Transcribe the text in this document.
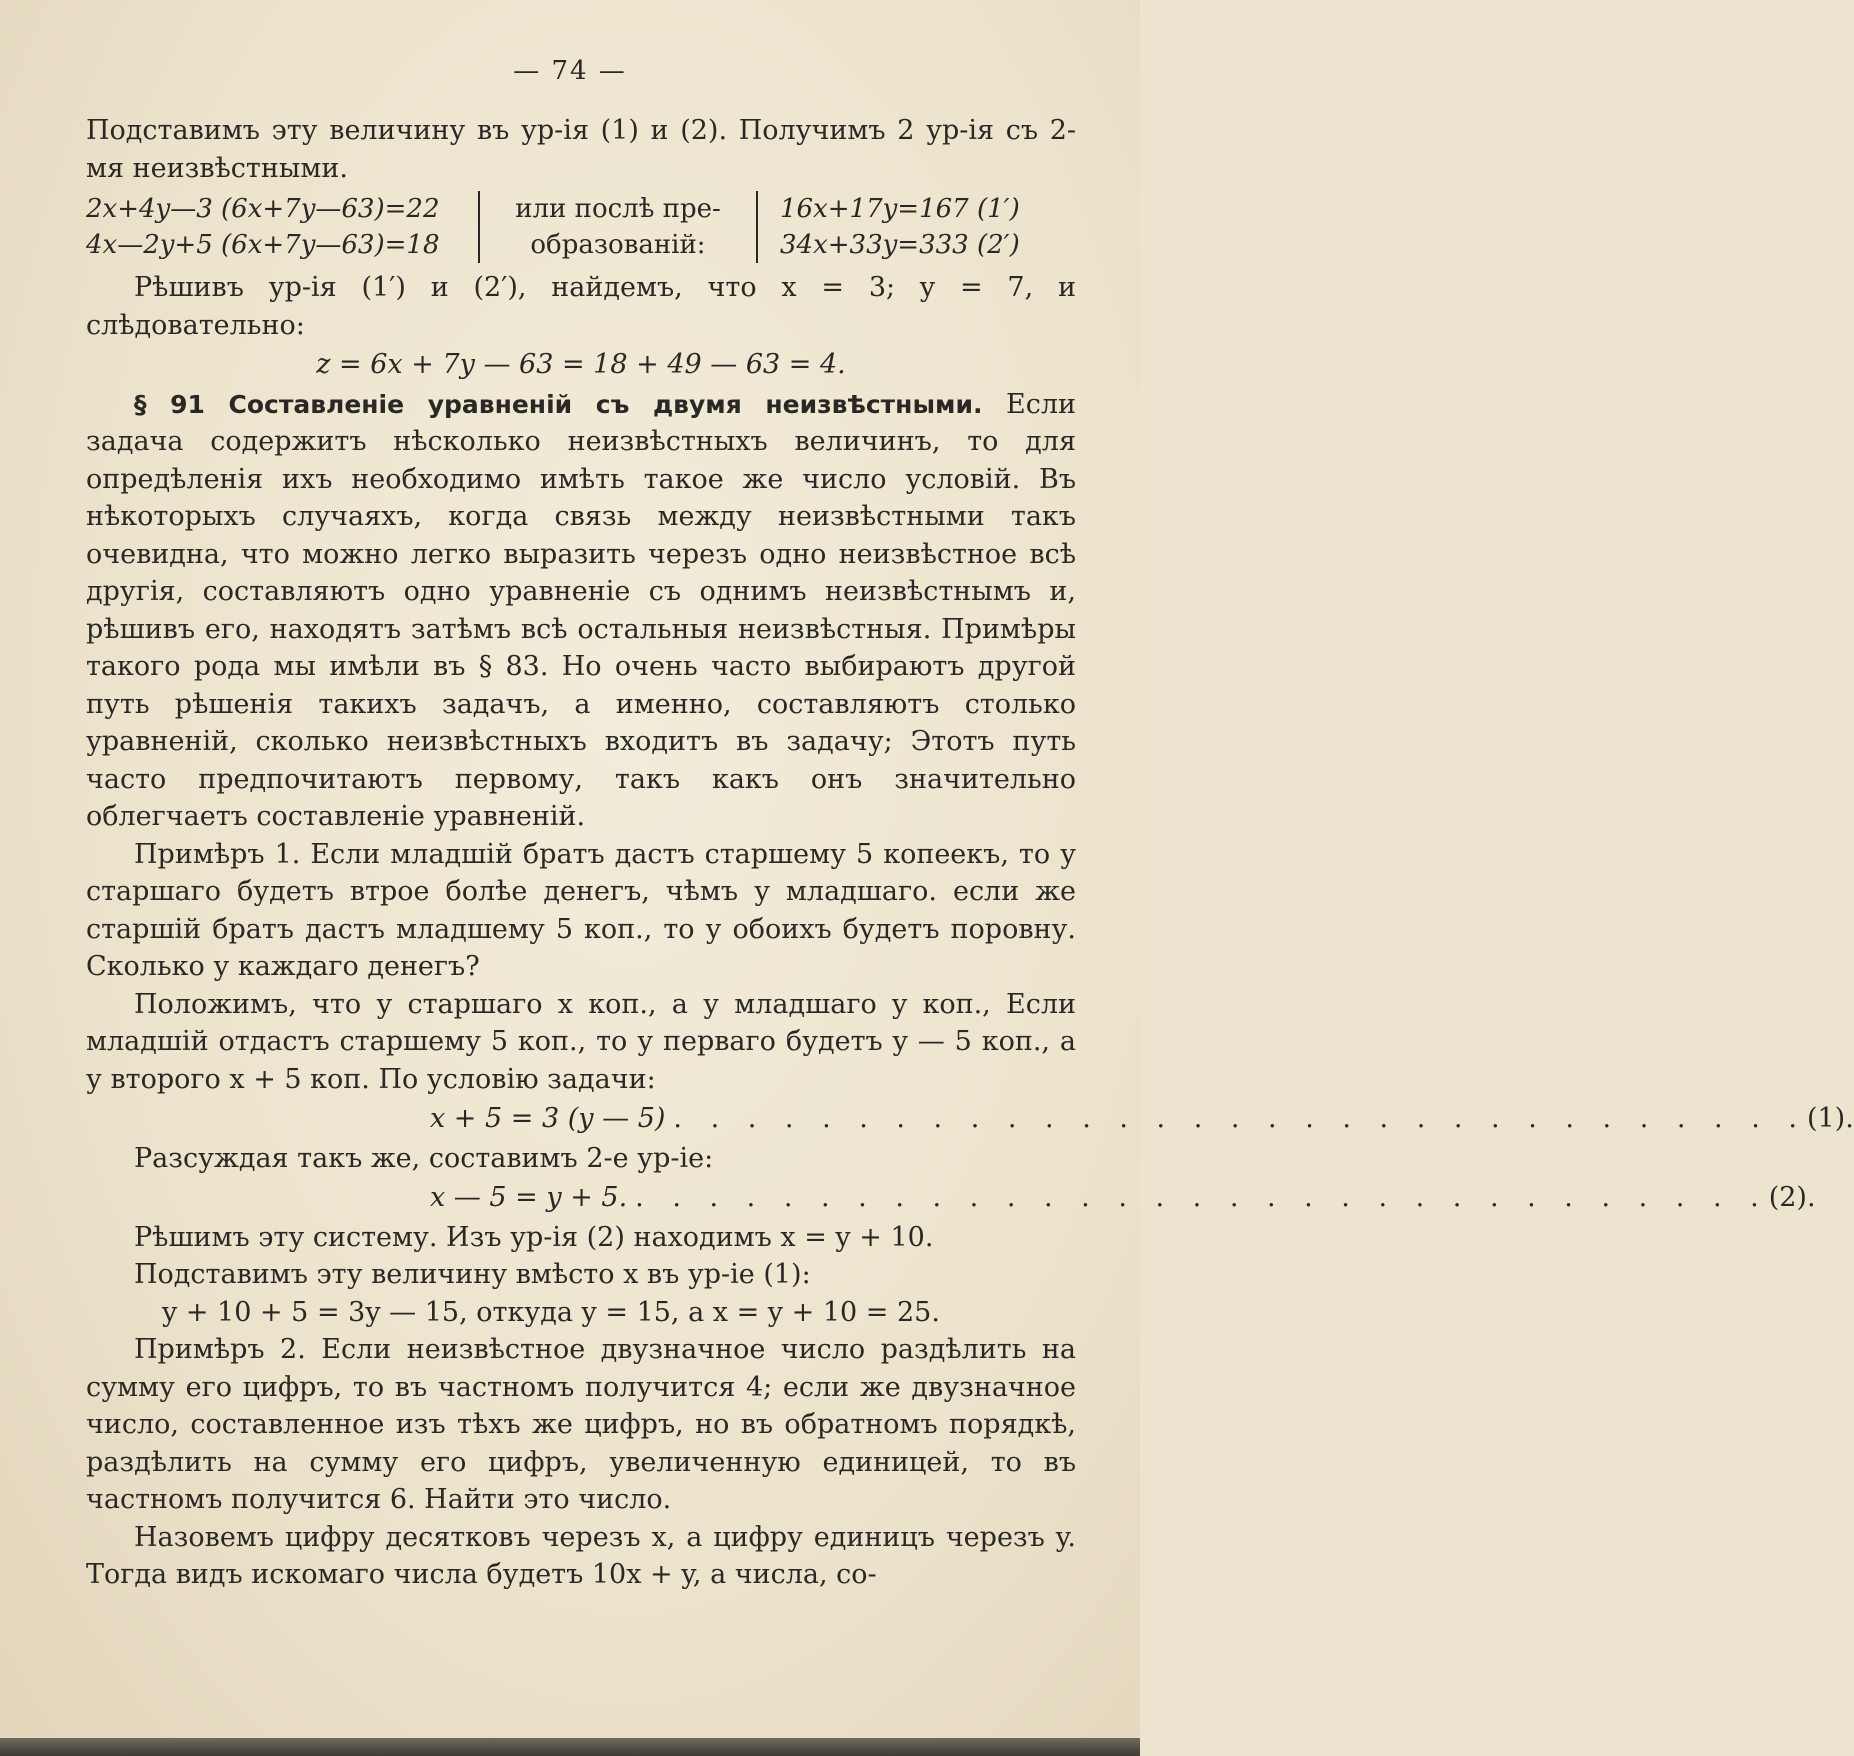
— 74 —

Подставимъ эту величину въ ур-ія (1) и (2). Получимъ 2 ур-ія съ 2-мя неизвѣстными.

2x+4y—3 (6x+7y—63)=22
4x—2y+5 (6x+7y—63)=18
или послѣ пре-
образованій:
16x+17y=167 (1′)
34x+33y=333 (2′)

Рѣшивъ ур-ія (1′) и (2′), найдемъ, что x = 3; y = 7, и слѣдовательно:

z = 6x + 7y — 63 = 18 + 49 — 63 = 4.

§ 91 Составленіе уравненій съ двумя неизвѣстными. Если задача содержитъ нѣсколько неизвѣстныхъ величинъ, то для опредѣленія ихъ необходимо имѣть такое же число условій. Въ нѣкоторыхъ случаяхъ, когда связь между неизвѣстными такъ очевидна, что можно легко выразить черезъ одно неизвѣстное всѣ другія, составляютъ одно уравненіе съ однимъ неизвѣстнымъ и, рѣшивъ его, находятъ затѣмъ всѣ остальныя неизвѣстныя. Примѣры такого рода мы имѣли въ § 83. Но очень часто выбираютъ другой путь рѣшенія такихъ задачъ, а именно, составляютъ столько уравненій, сколько неизвѣстныхъ входитъ въ задачу; Этотъ путь часто предпочитаютъ первому, такъ какъ онъ значительно облегчаетъ составленіе уравненій.

Примѣръ 1. Если младшій братъ дастъ старшему 5 копеекъ, то у старшаго будетъ втрое болѣе денегъ, чѣмъ у младшаго. если же старшій братъ дастъ младшему 5 коп., то у обоихъ будетъ поровну. Сколько у каждаго денегъ?

Положимъ, что у старшаго x коп., а у младшаго y коп., Если младшій отдастъ старшему 5 коп., то у перваго будетъ y — 5 коп., а у второго x + 5 коп. По условію задачи:

x + 5 = 3 (y — 5) . . . . . . . . . . . . . . . . . . . . . . . . . . . . . . . (1).

Разсуждая такъ же, составимъ 2-е ур-іе:

x — 5 = y + 5. . . . . . . . . . . . . . . . . . . . . . . . . . . . . . . . (2).

Рѣшимъ эту систему. Изъ ур-ія (2) находимъ x = y + 10.

Подставимъ эту величину вмѣсто x въ ур-іе (1):

y + 10 + 5 = 3y — 15, откуда y = 15, а x = y + 10 = 25.

Примѣръ 2. Если неизвѣстное двузначное число раздѣлить на сумму его цифръ, то въ частномъ получится 4; если же двузначное число, составленное изъ тѣхъ же цифръ, но въ обратномъ порядкѣ, раздѣлить на сумму его цифръ, увеличенную единицей, то въ частномъ получится 6. Найти это число.

Назовемъ цифру десятковъ черезъ x, а цифру единицъ черезъ y. Тогда видъ искомаго числа будетъ 10x + y, а числа, со-
